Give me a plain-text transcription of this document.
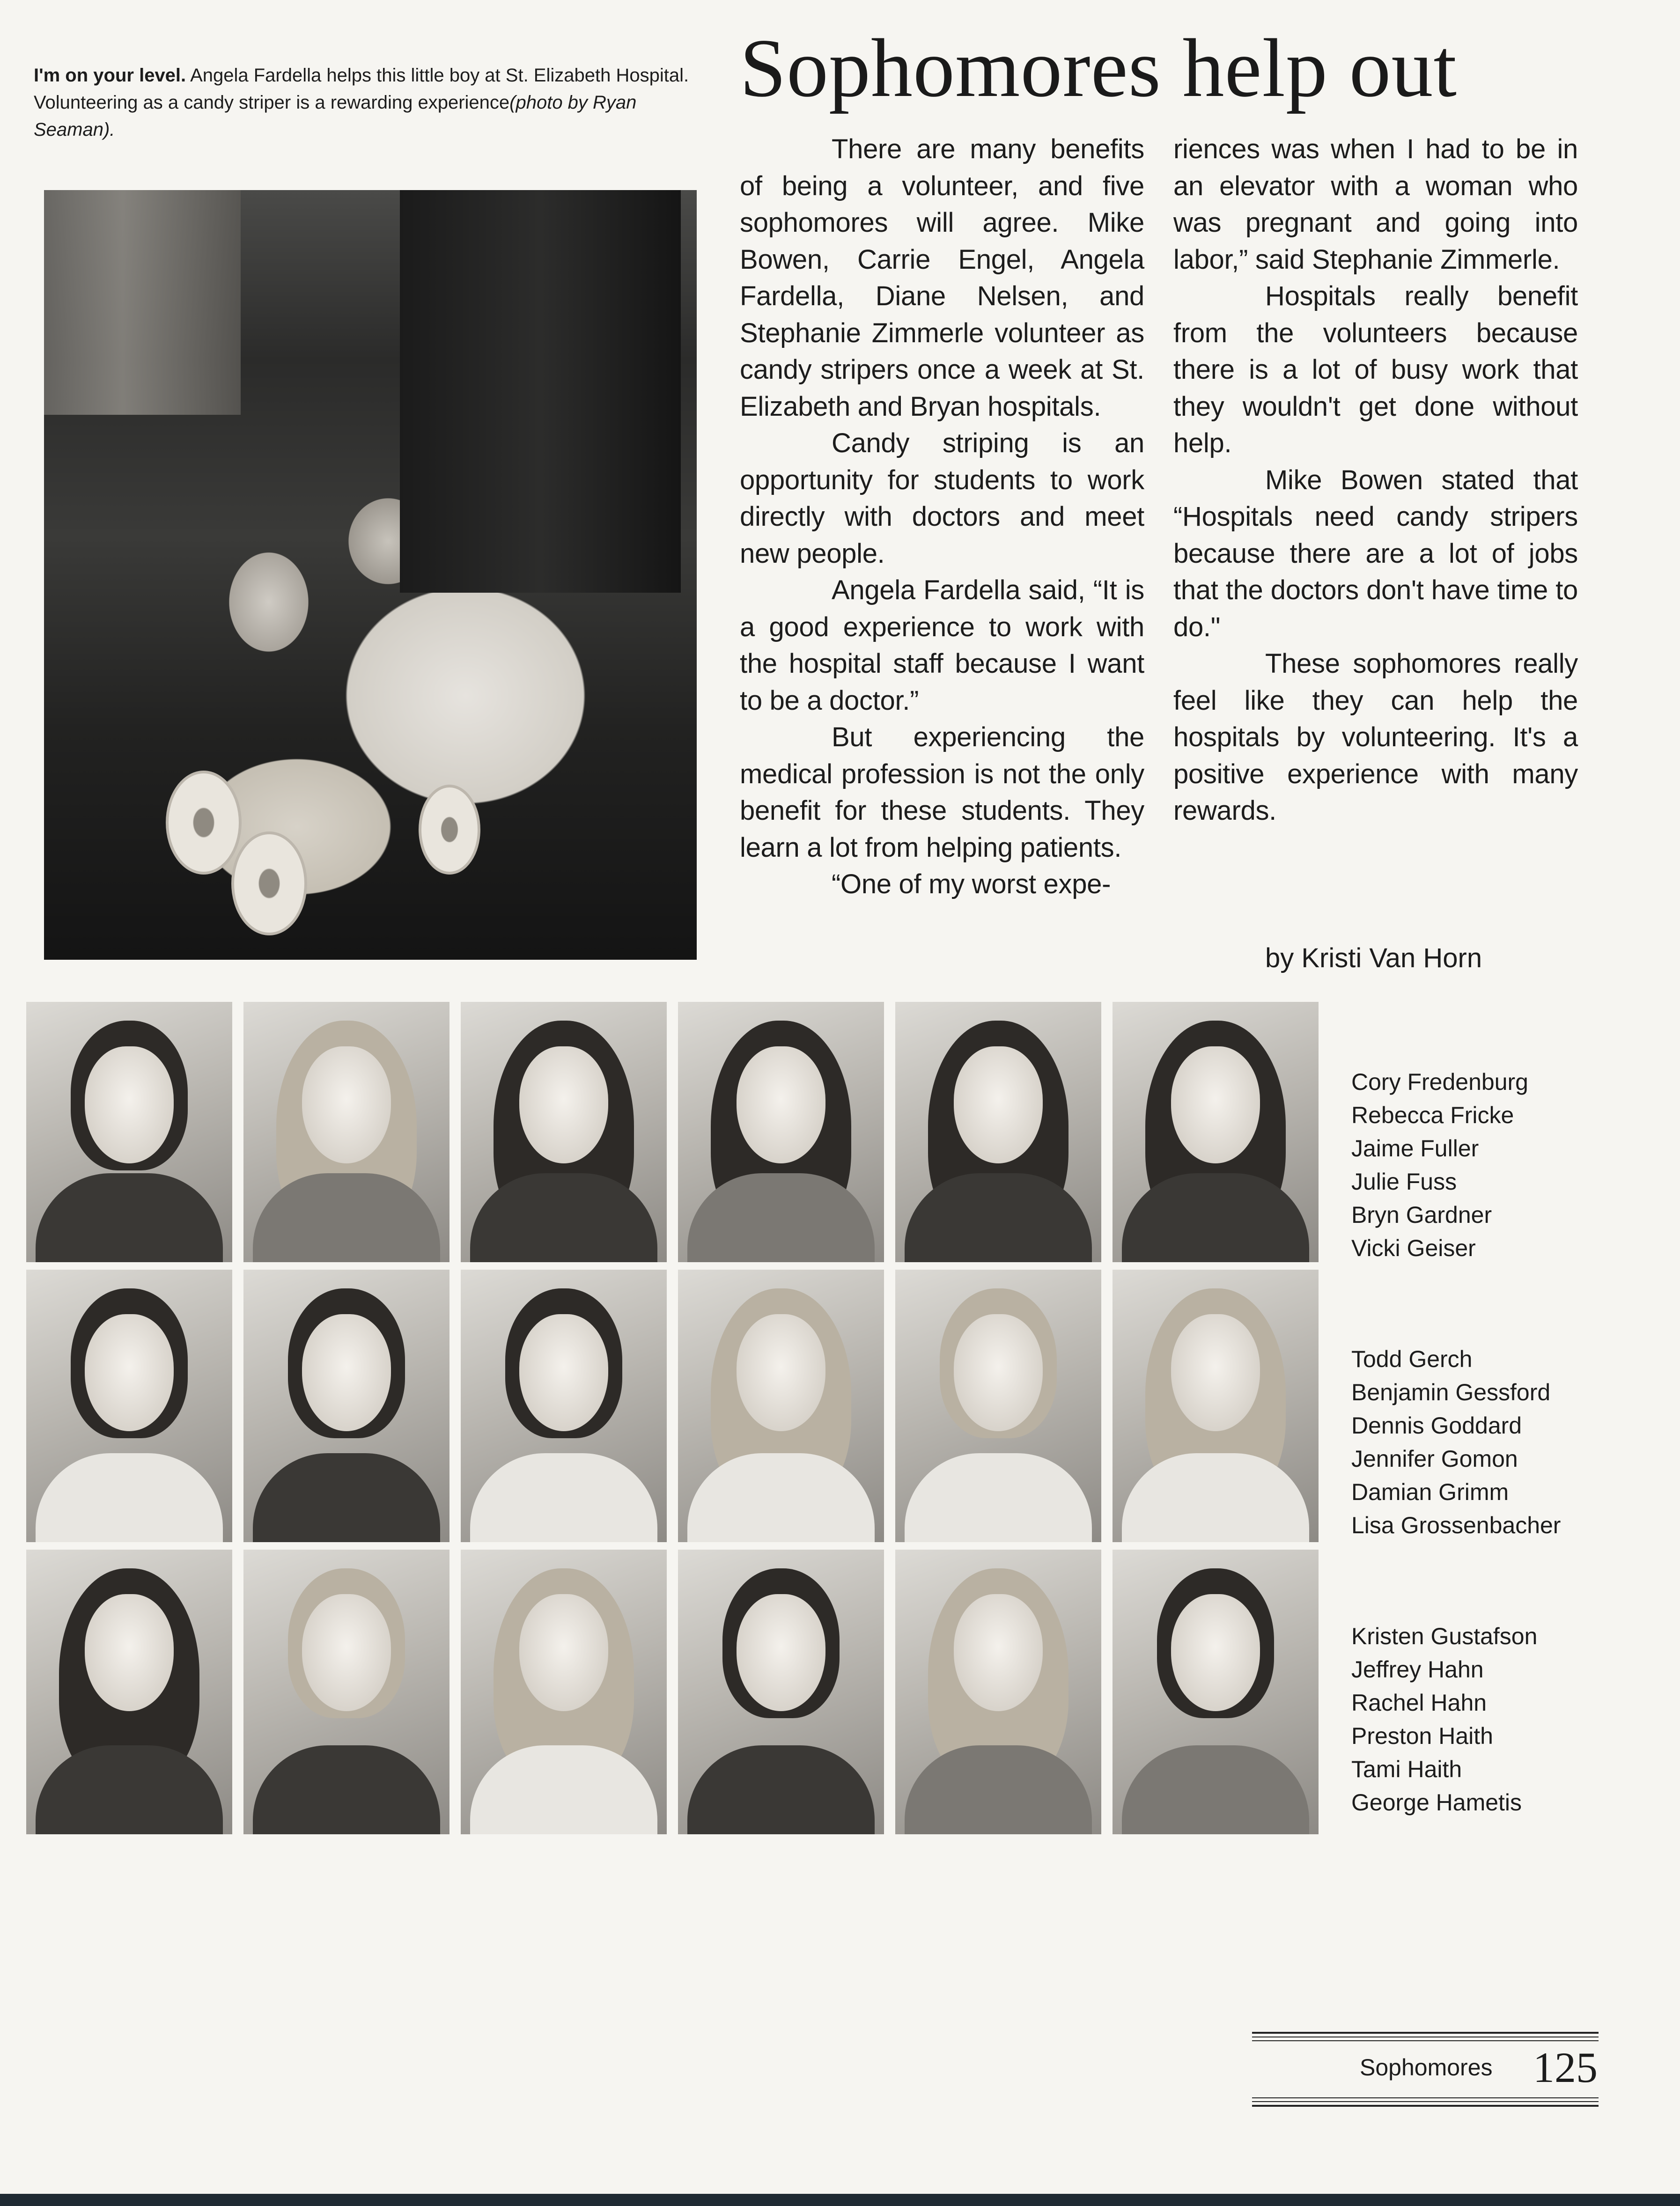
I'm on your level. Angela Fardella helps this little boy at St. Elizabeth Hospital. Volunteering as a candy striper is a rewarding experience(photo by Ryan Seaman).
Sophomores help out

There are many benefits of being a volunteer, and five sophomores will agree. Mike Bowen, Carrie Engel, Angela Fardella, Diane Nelsen, and Stephanie Zimmerle volunteer as candy stripers once a week at St. Elizabeth and Bryan hospitals.

Candy striping is an opportunity for students to work directly with doctors and meet new people.

Angela Fardella said, “It is a good experience to work with the hospital staff because I want to be a doctor.”

But experiencing the medical profession is not the only benefit for these students. They learn a lot from helping patients.

“One of my worst expe-

riences was when I had to be in an elevator with a woman who was pregnant and going into labor,” said Stephanie Zimmerle.

Hospitals really benefit from the volunteers because there is a lot of busy work that they wouldn't get done without help.

Mike Bowen stated that “Hospitals need candy stripers because there are a lot of jobs that the doctors don't have time to do."

These sophomores really feel like they can help the hospitals by volunteering. It's a positive experience with many rewards.

by Kristi Van Horn
Cory Fredenburg
Rebecca Fricke
Jaime Fuller
Julie Fuss
Bryn Gardner
Vicki Geiser
Todd Gerch
Benjamin Gessford
Dennis Goddard
Jennifer Gomon
Damian Grimm
Lisa Grossenbacher
Kristen Gustafson
Jeffrey Hahn
Rachel Hahn
Preston Haith
Tami Haith
George Hametis
Sophomores 125
